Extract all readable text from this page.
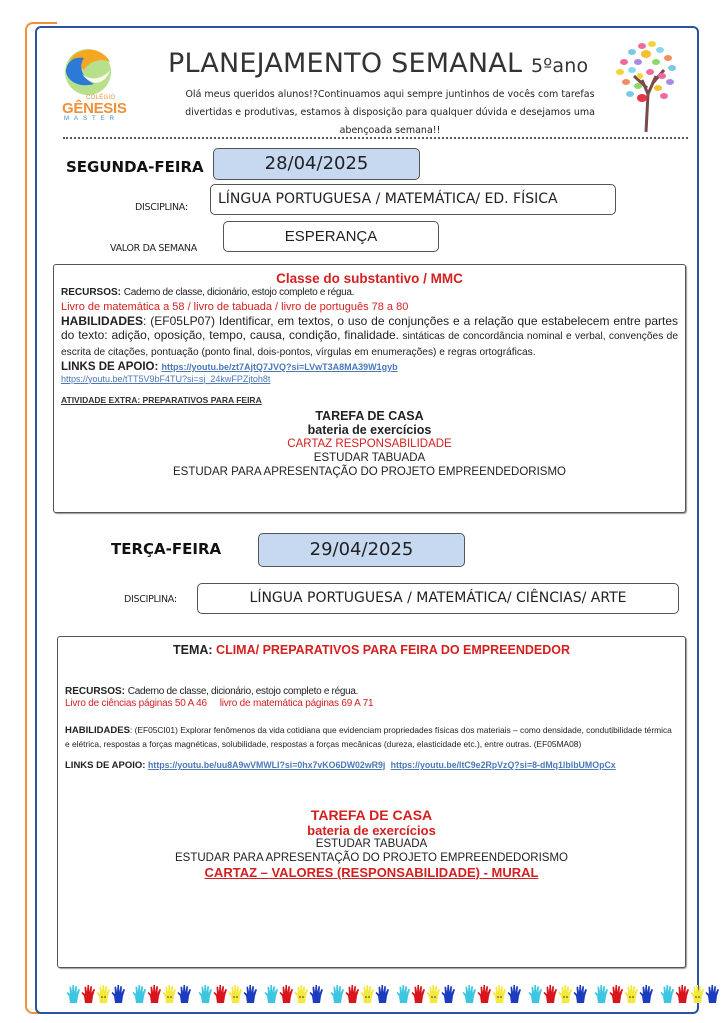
COLÉGIO
GÊNESIS
MASTER
PLANEJAMENTO SEMANAL 5ºano
Olá meus queridos alunos!?Continuamos aqui sempre juntinhos de vocês com tarefas
divertidas e produtivas, estamos à disposição para qualquer dúvida e desejamos uma
abençoada semana!!
SEGUNDA-FEIRA	28/04/2025
DISCIPLINA:
LÍNGUA PORTUGUESA / MATEMÁTICA/ ED. FÍSICA
VALOR DA SEMANA
ESPERANÇA
Classe do substantivo / MMC
RECURSOS: Caderno de classe, dicionário, estojo completo e régua.
Livro de matemática a 58 / livro de tabuada / livro de português 78 a 80
HABILIDADES: (EF05LP07) Identificar, em textos, o uso de conjunções e a relação que estabelecem entre partes do texto: adição, oposição, tempo, causa, condição, finalidade. sintáticas de concordância nominal e verbal, convenções de escrita de citações, pontuação (ponto final, dois-pontos, vírgulas em enumerações) e regras ortográficas.
LINKS DE APOIO: https://youtu.be/zt7AjtQ7JVQ?si=LVwT3A8MA39W1gyb
https://youtu.be/tTT5V9bF4TU?si=sj_24kwFPZjtoh8t
ATIVIDADE EXTRA: PREPARATIVOS PARA FEIRA
TAREFA DE CASA
bateria de exercícios
CARTAZ RESPONSABILIDADE
ESTUDAR TABUADA
ESTUDAR PARA APRESENTAÇÃO DO PROJETO EMPREENDEDORISMO
TERÇA-FEIRA	29/04/2025
DISCIPLINA:	LÍNGUA PORTUGUESA / MATEMÁTICA/ CIÊNCIAS/ ARTE
TEMA: CLIMA/ PREPARATIVOS PARA FEIRA DO EMPREENDEDOR
RECURSOS: Caderno de classe, dicionário, estojo completo e régua.
Livro de ciências páginas 50 A 46     livro de matemática páginas 69 A 71
HABILIDADES: (EF05CI01) Explorar fenômenos da vida cotidiana que evidenciam propriedades físicas dos materiais – como densidade, condutibilidade térmica e elétrica, respostas a forças magnéticas, solubilidade, respostas a forças mecânicas (dureza, elasticidade etc.), entre outras. (EF05MA08)
LINKS DE APOIO: https://youtu.be/uu8A9wVMWLI?si=0hx7vKO6DW02wR9j https://youtu.be/ltC9e2RpVzQ?si=8-dMq1lblbUMOpCx
TAREFA DE CASA
bateria de exercícios
ESTUDAR TABUADA
ESTUDAR PARA APRESENTAÇÃO DO PROJETO EMPREENDEDORISMO
CARTAZ – VALORES (RESPONSABILIDADE) - MURAL
